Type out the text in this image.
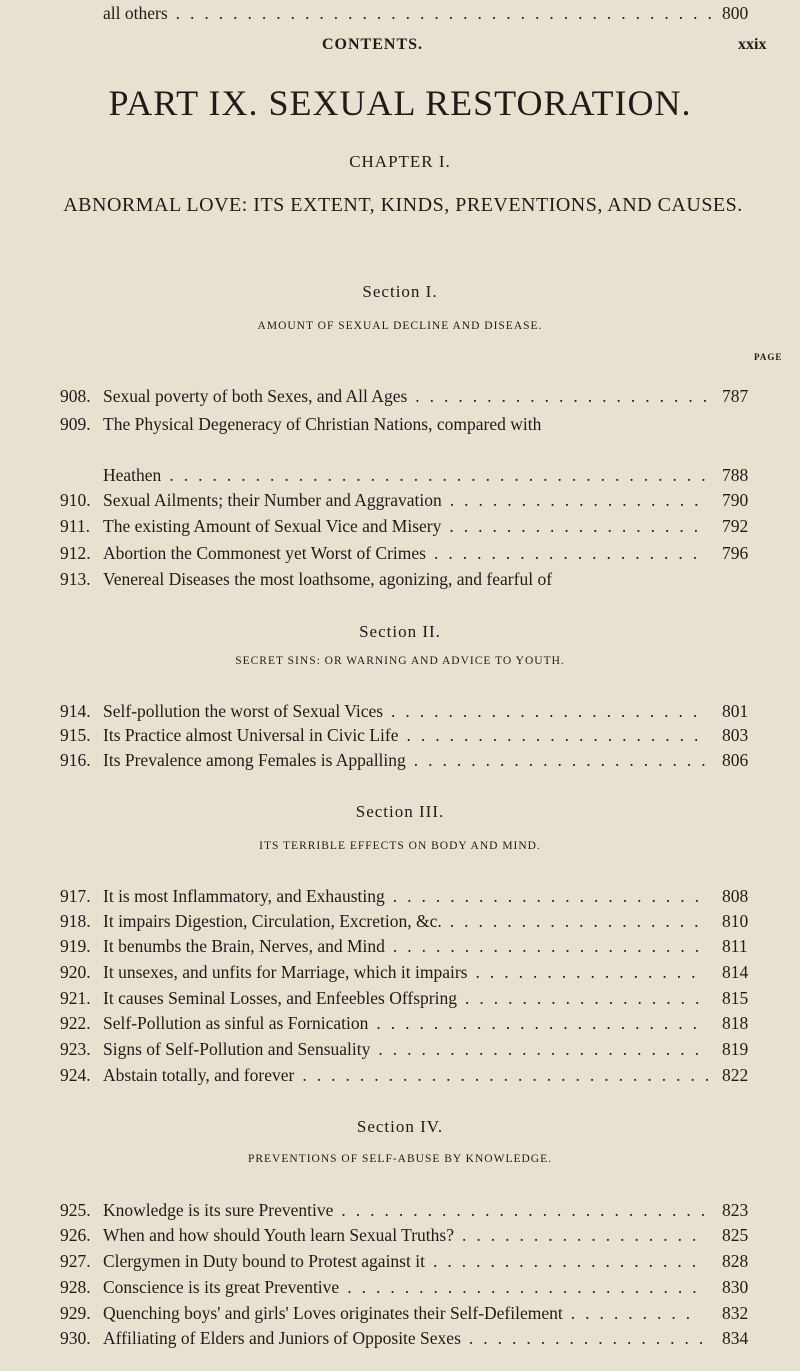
CONTENTS.	xxix
PART IX. SEXUAL RESTORATION.
CHAPTER I.
ABNORMAL LOVE: ITS EXTENT, KINDS, PREVENTIONS, AND CAUSES.
PAGE
Section I.
AMOUNT OF SEXUAL DECLINE AND DISEASE.
908. Sexual poverty of both Sexes, and All Ages ..................... 787
909. The Physical Degeneracy of Christian Nations, compared with
Heathen ...................................... 788
910. Sexual Ailments; their Number and Aggravation .................. 790
911. The existing Amount of Sexual Vice and Misery .................. 792
912. Abortion the Commonest yet Worst of Crimes ................... 796
913. Venereal Diseases the most loathsome, agonizing, and fearful of
all others ...................................... 800
Section II.
SECRET SINS: OR WARNING AND ADVICE TO YOUTH.
914. Self-pollution the worst of Sexual Vices ...................... 801
915. Its Practice almost Universal in Civic Life ..................... 803
916. Its Prevalence among Females is Appalling ..................... 806
Section III.
ITS TERRIBLE EFFECTS ON BODY AND MIND.
917. It is most Inflammatory, and Exhausting ...................... 808
918. It impairs Digestion, Circulation, Excretion, &c. .................. 810
919. It benumbs the Brain, Nerves, and Mind ...................... 811
920. It unsexes, and unfits for Marriage, which it impairs ................ 814
921. It causes Seminal Losses, and Enfeebles Offspring ................. 815
922. Self-Pollution as sinful as Fornication ....................... 818
923. Signs of Self-Pollution and Sensuality ....................... 819
924. Abstain totally, and forever ............................. 822
Section IV.
PREVENTIONS OF SELF-ABUSE BY KNOWLEDGE.
925. Knowledge is its sure Preventive .......................... 823
926. When and how should Youth learn Sexual Truths? ................. 825
927. Clergymen in Duty bound to Protest against it ................... 828
928. Conscience is its great Preventive ......................... 830
929. Quenching boys' and girls' Loves originates their Self-Defilement ......... 832
930. Affiliating of Elders and Juniors of Opposite Sexes ................. 834
